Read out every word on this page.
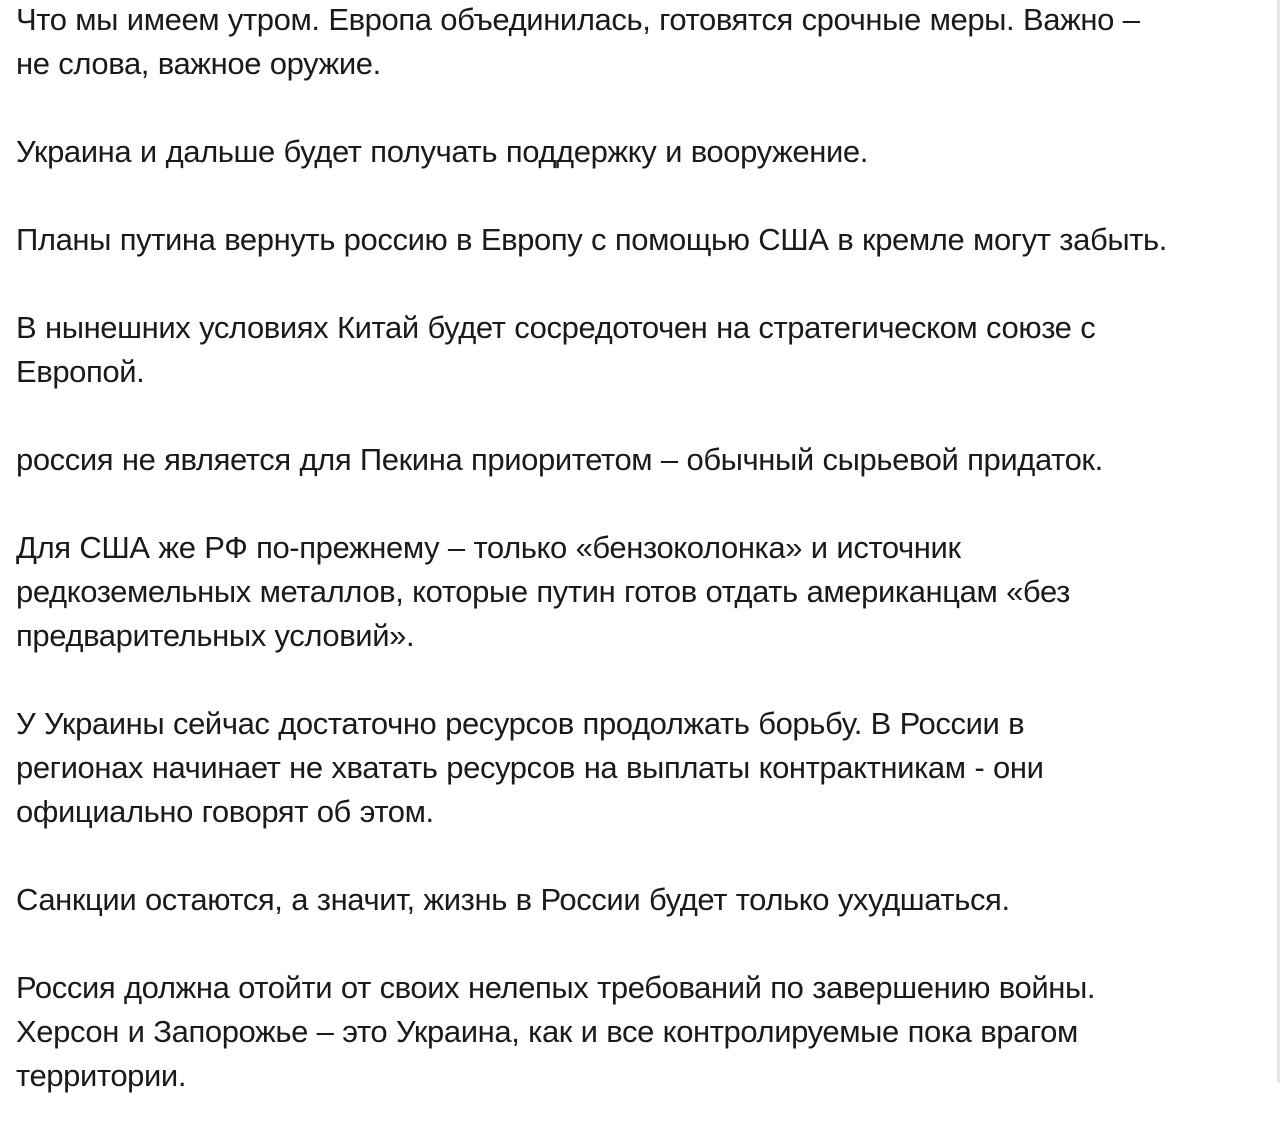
Что мы имеем утром. Европа объединилась, готовятся срочные меры. Важно –
не слова, важное оружие.

Украина и дальше будет получать поддержку и вооружение.

Планы путина вернуть россию в Европу с помощью США в кремле могут забыть.

В нынешних условиях Китай будет сосредоточен на стратегическом союзе с
Европой.

россия не является для Пекина приоритетом – обычный сырьевой придаток.

Для США же РФ по-прежнему – только «бензоколонка» и источник
редкоземельных металлов, которые путин готов отдать американцам «без
предварительных условий».

У Украины сейчас достаточно ресурсов продолжать борьбу. В России в
регионах начинает не хватать ресурсов на выплаты контрактникам - они
официально говорят об этом.

Санкции остаются, а значит, жизнь в России будет только ухудшаться.

Россия должна отойти от своих нелепых требований по завершению войны.
Херсон и Запорожье – это Украина, как и все контролируемые пока врагом
территории.
